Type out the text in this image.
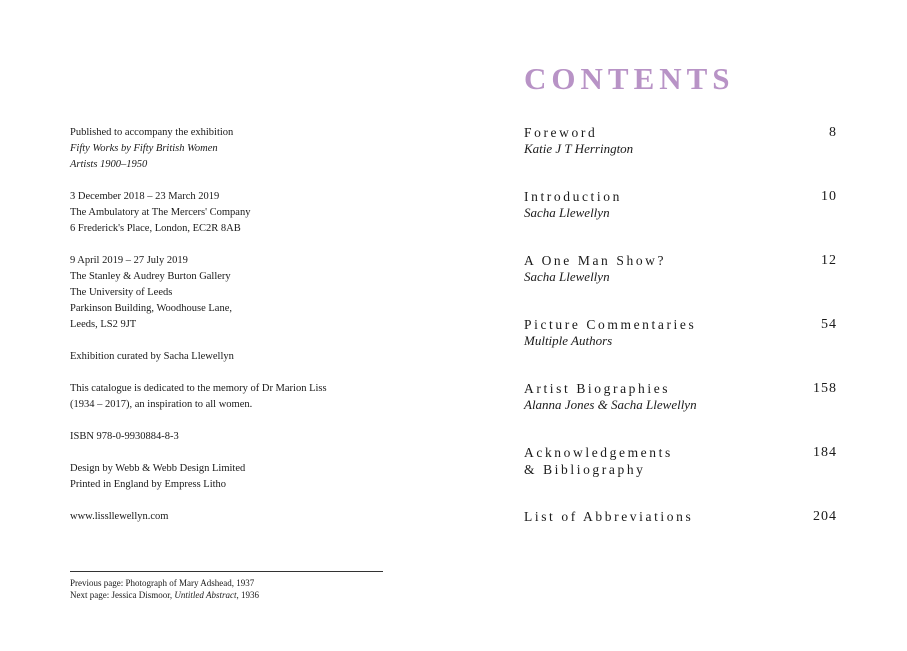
Published to accompany the exhibition
Fifty Works by Fifty British Women
Artists 1900–1950
3 December 2018 – 23 March 2019
The Ambulatory at The Mercers' Company
6 Frederick's Place, London, EC2R 8AB
9 April 2019 – 27 July 2019
The Stanley & Audrey Burton Gallery
The University of Leeds
Parkinson Building, Woodhouse Lane,
Leeds, LS2 9JT
Exhibition curated by Sacha Llewellyn
This catalogue is dedicated to the memory of Dr Marion Liss
(1934 – 2017), an inspiration to all women.
ISBN 978-0-9930884-8-3
Design by Webb & Webb Design Limited
Printed in England by Empress Litho
www.lissllewellyn.com
Previous page: Photograph of Mary Adshead, 1937
Next page: Jessica Dismoor, Untitled Abstract, 1936
CONTENTS
Foreword
Katie J T Herrington
8
Introduction
Sacha Llewellyn
10
A One Man Show?
Sacha Llewellyn
12
Picture Commentaries
Multiple Authors
54
Artist Biographies
Alanna Jones & Sacha Llewellyn
158
Acknowledgements
& Bibliography
184
List of Abbreviations	204
